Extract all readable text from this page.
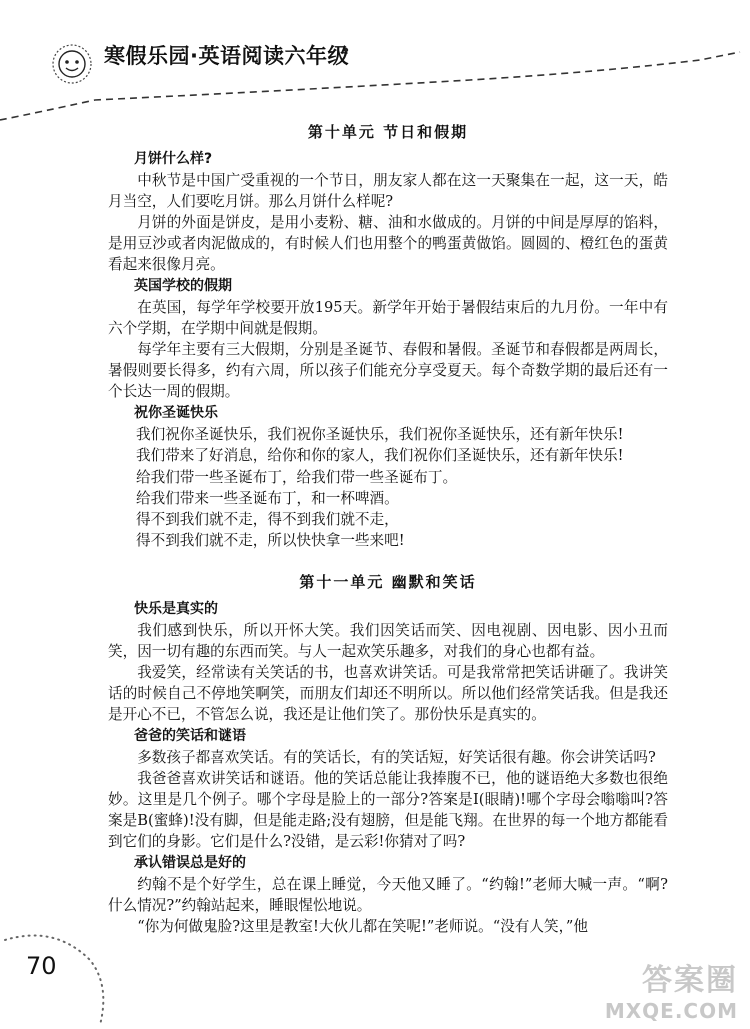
寒假乐园·英语阅读六年级
第十单元 节日和假期
月饼什么样?

中秋节是中国广受重视的一个节日，朋友家人都在这一天聚集在一起，这一天，皓月当空，人们要吃月饼。那么月饼什么样呢?

月饼的外面是饼皮，是用小麦粉、糖、油和水做成的。月饼的中间是厚厚的馅料，是用豆沙或者肉泥做成的，有时候人们也用整个的鸭蛋黄做馅。圆圆的、橙红色的蛋黄看起来很像月亮。

英国学校的假期

在英国，每学年学校要开放195天。新学年开始于暑假结束后的九月份。一年中有六个学期，在学期中间就是假期。

每学年主要有三大假期，分别是圣诞节、春假和暑假。圣诞节和春假都是两周长，暑假则要长得多，约有六周，所以孩子们能充分享受夏天。每个奇数学期的最后还有一个长达一周的假期。

祝你圣诞快乐

我们祝你圣诞快乐，我们祝你圣诞快乐，我们祝你圣诞快乐，还有新年快乐!

我们带来了好消息，给你和你的家人，我们祝你们圣诞快乐，还有新年快乐!

给我们带一些圣诞布丁，给我们带一些圣诞布丁。

给我们带来一些圣诞布丁，和一杯啤酒。

得不到我们就不走，得不到我们就不走，

得不到我们就不走，所以快快拿一些来吧!

第十一单元 幽默和笑话
快乐是真实的

我们感到快乐，所以开怀大笑。我们因笑话而笑、因电视剧、因电影、因小丑而笑，因一切有趣的东西而笑。与人一起欢笑乐趣多，对我们的身心也都有益。

我爱笑，经常读有关笑话的书，也喜欢讲笑话。可是我常常把笑话讲砸了。我讲笑话的时候自己不停地笑啊笑，而朋友们却还不明所以。所以他们经常笑话我。但是我还是开心不已，不管怎么说，我还是让他们笑了。那份快乐是真实的。

爸爸的笑话和谜语

多数孩子都喜欢笑话。有的笑话长，有的笑话短，好笑话很有趣。你会讲笑话吗?

我爸爸喜欢讲笑话和谜语。他的笑话总能让我捧腹不已，他的谜语绝大多数也很绝妙。这里是几个例子。哪个字母是脸上的一部分?答案是I(眼睛)!哪个字母会嗡嗡叫?答案是B(蜜蜂)!没有脚，但是能走路;没有翅膀，但是能飞翔。在世界的每一个地方都能看到它们的身影。它们是什么?没错，是云彩!你猜对了吗?

承认错误总是好的

约翰不是个好学生，总在课上睡觉，今天他又睡了。“约翰!”老师大喊一声。“啊?什么情况?”约翰站起来，睡眼惺忪地说。

“你为何做鬼脸?这里是教室!大伙儿都在笑呢!”老师说。“没有人笑，”他

70	答案圈
MXQE.COM
